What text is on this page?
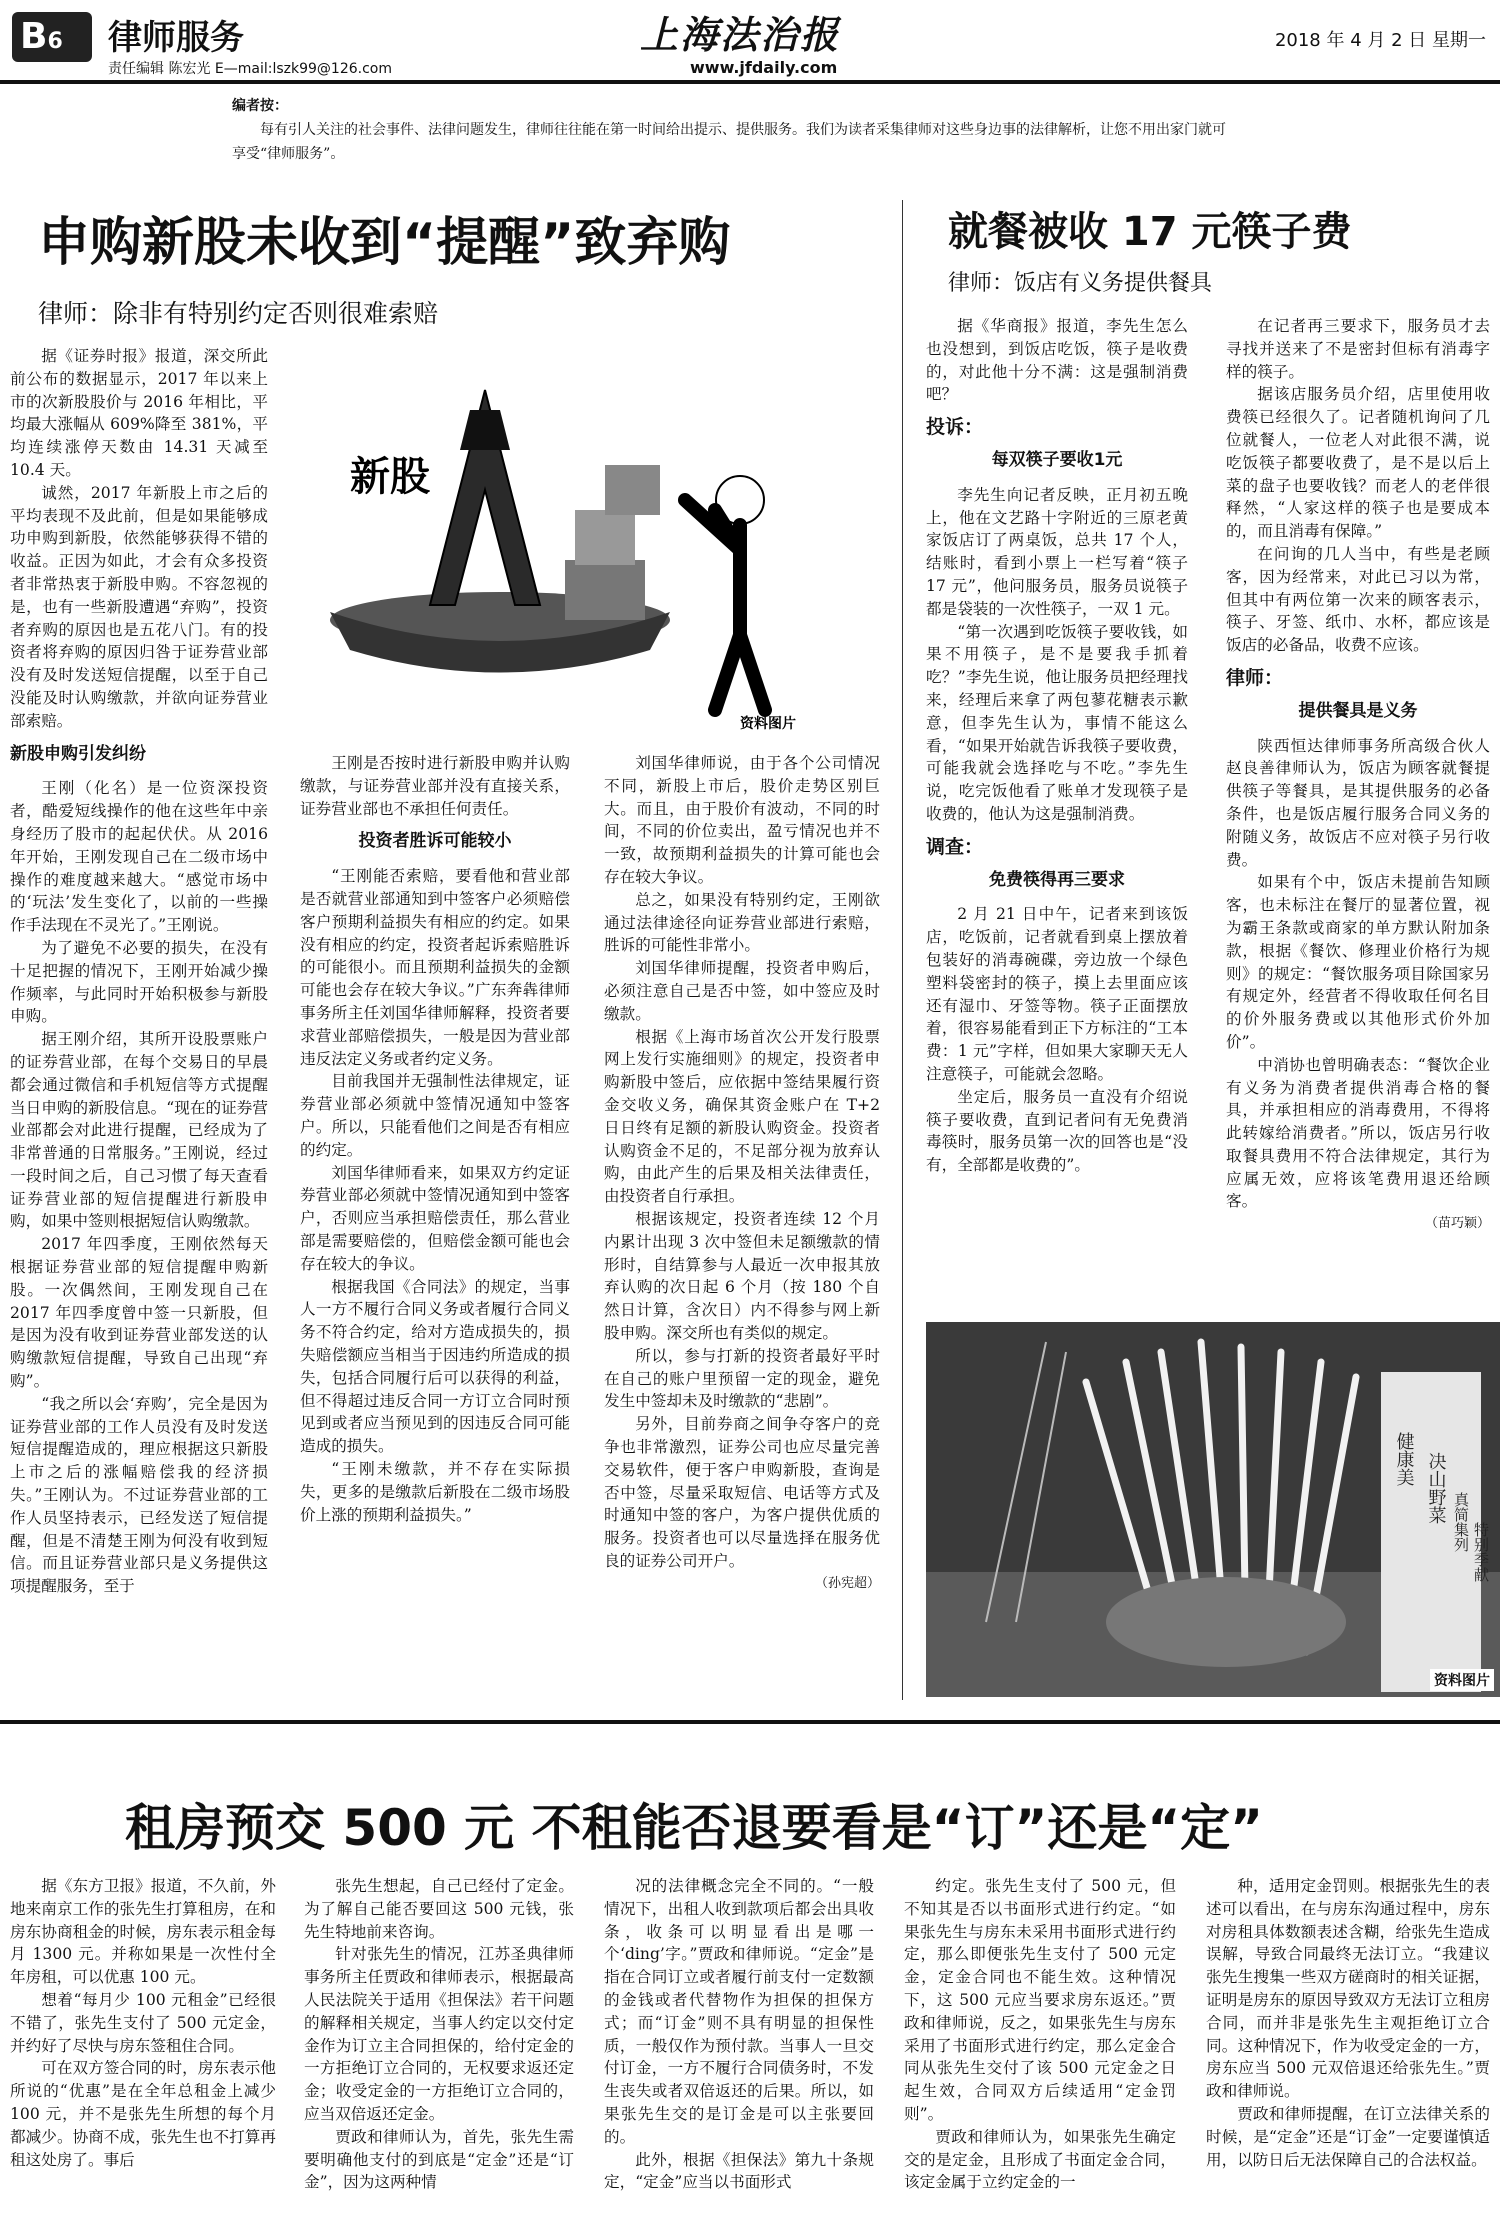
B6	律师服务
责任编辑 陈宏光 E—mail:lszk99@126.com
上海法治报
www.jfdaily.com
2018 年 4 月 2 日 星期一
编者按：

每有引人关注的社会事件、法律问题发生，律师往往能在第一时间给出提示、提供服务。我们为读者采集律师对这些身边事的法律解析，让您不用出家门就可享受“律师服务”。

申购新股未收到“提醒”致弃购
律师：除非有特别约定否则很难索赔

据《证券时报》报道，深交所此前公布的数据显示，2017 年以来上市的次新股股价与 2016 年相比，平均最大涨幅从 609%降至 381%，平均连续涨停天数由 14.31 天减至 10.4 天。

诚然，2017 年新股上市之后的平均表现不及此前，但是如果能够成功申购到新股，依然能够获得不错的收益。正因为如此，才会有众多投资者非常热衷于新股申购。不容忽视的是，也有一些新股遭遇“弃购”，投资者弃购的原因也是五花八门。有的投资者将弃购的原因归咎于证券营业部没有及时发送短信提醒，以至于自己没能及时认购缴款，并欲向证券营业部索赔。

新股申购引发纠纷

王刚（化名）是一位资深投资者，酷爱短线操作的他在这些年中亲身经历了股市的起起伏伏。从 2016 年开始，王刚发现自己在二级市场中操作的难度越来越大。“感觉市场中的‘玩法’发生变化了，以前的一些操作手法现在不灵光了。”王刚说。

为了避免不必要的损失，在没有十足把握的情况下，王刚开始减少操作频率，与此同时开始积极参与新股申购。

据王刚介绍，其所开设股票账户的证券营业部，在每个交易日的早晨都会通过微信和手机短信等方式提醒当日申购的新股信息。“现在的证券营业部都会对此进行提醒，已经成为了非常普通的日常服务。”王刚说，经过一段时间之后，自己习惯了每天查看证券营业部的短信提醒进行新股申购，如果中签则根据短信认购缴款。

2017 年四季度，王刚依然每天根据证券营业部的短信提醒申购新股。一次偶然间，王刚发现自己在 2017 年四季度曾中签一只新股，但是因为没有收到证券营业部发送的认购缴款短信提醒，导致自己出现“弃购”。

“我之所以会‘弃购’，完全是因为证券营业部的工作人员没有及时发送短信提醒造成的，理应根据这只新股上市之后的涨幅赔偿我的经济损失。”王刚认为。不过证券营业部的工作人员坚持表示，已经发送了短信提醒，但是不清楚王刚为何没有收到短信。而且证券营业部只是义务提供这项提醒服务，至于

新股
资料图片

王刚是否按时进行新股申购并认购缴款，与证券营业部并没有直接关系，证券营业部也不承担任何责任。

投资者胜诉可能较小

“王刚能否索赔，要看他和营业部是否就营业部通知到中签客户必须赔偿客户预期利益损失有相应的约定。如果没有相应的约定，投资者起诉索赔胜诉的可能很小。而且预期利益损失的金额可能也会存在较大争议。”广东奔犇律师事务所主任刘国华律师解释，投资者要求营业部赔偿损失，一般是因为营业部违反法定义务或者约定义务。

目前我国并无强制性法律规定，证券营业部必须就中签情况通知中签客户。所以，只能看他们之间是否有相应的约定。

刘国华律师看来，如果双方约定证券营业部必须就中签情况通知到中签客户，否则应当承担赔偿责任，那么营业部是需要赔偿的，但赔偿金额可能也会存在较大的争议。

根据我国《合同法》的规定，当事人一方不履行合同义务或者履行合同义务不符合约定，给对方造成损失的，损失赔偿额应当相当于因违约所造成的损失，包括合同履行后可以获得的利益，但不得超过违反合同一方订立合同时预见到或者应当预见到的因违反合同可能造成的损失。

“王刚未缴款，并不存在实际损失，更多的是缴款后新股在二级市场股价上涨的预期利益损失。”

刘国华律师说，由于各个公司情况不同，新股上市后，股价走势区别巨大。而且，由于股价有波动，不同的时间，不同的价位卖出，盈亏情况也并不一致，故预期利益损失的计算可能也会存在较大争议。

总之，如果没有特别约定，王刚欲通过法律途径向证券营业部进行索赔，胜诉的可能性非常小。

刘国华律师提醒，投资者申购后，必须注意自己是否中签，如中签应及时缴款。

根据《上海市场首次公开发行股票网上发行实施细则》的规定，投资者申购新股中签后，应依据中签结果履行资金交收义务，确保其资金账户在 T+2 日日终有足额的新股认购资金。投资者认购资金不足的，不足部分视为放弃认购，由此产生的后果及相关法律责任，由投资者自行承担。

根据该规定，投资者连续 12 个月内累计出现 3 次中签但未足额缴款的情形时，自结算参与人最近一次申报其放弃认购的次日起 6 个月（按 180 个自然日计算，含次日）内不得参与网上新股申购。深交所也有类似的规定。

所以，参与打新的投资者最好平时在自己的账户里预留一定的现金，避免发生中签却未及时缴款的“悲剧”。

另外，目前券商之间争夺客户的竞争也非常激烈，证券公司也应尽量完善交易软件，便于客户申购新股，查询是否中签，尽量采取短信、电话等方式及时通知中签的客户，为客户提供优质的服务。投资者也可以尽量选择在服务优良的证券公司开户。

（孙宪超）
就餐被收 17 元筷子费
律师：饭店有义务提供餐具

据《华商报》报道，李先生怎么也没想到，到饭店吃饭，筷子是收费的，对此他十分不满：这是强制消费吧？

投诉：
每双筷子要收1元

李先生向记者反映，正月初五晚上，他在文艺路十字附近的三原老黄家饭店订了两桌饭，总共 17 个人，结账时，看到小票上一栏写着“筷子 17 元”，他问服务员，服务员说筷子都是袋装的一次性筷子，一双 1 元。

“第一次遇到吃饭筷子要收钱，如果不用筷子，是不是要我手抓着吃？”李先生说，他让服务员把经理找来，经理后来拿了两包蓼花糖表示歉意，但李先生认为，事情不能这么看，“如果开始就告诉我筷子要收费，可能我就会选择吃与不吃。”李先生说，吃完饭他看了账单才发现筷子是收费的，他认为这是强制消费。

调查：
免费筷得再三要求

2 月 21 日中午，记者来到该饭店，吃饭前，记者就看到桌上摆放着包装好的消毒碗碟，旁边放一个绿色塑料袋密封的筷子，摸上去里面应该还有湿巾、牙签等物。筷子正面摆放着，很容易能看到正下方标注的“工本费：1 元”字样，但如果大家聊天无人注意筷子，可能就会忽略。

坐定后，服务员一直没有介绍说筷子要收费，直到记者问有无免费消毒筷时，服务员第一次的回答也是“没有，全部都是收费的”。

在记者再三要求下，服务员才去寻找并送来了不是密封但标有消毒字样的筷子。

据该店服务员介绍，店里使用收费筷已经很久了。记者随机询问了几位就餐人，一位老人对此很不满，说吃饭筷子都要收费了，是不是以后上菜的盘子也要收钱？而老人的老伴很释然，“人家这样的筷子也是要成本的，而且消毒有保障。”

在问询的几人当中，有些是老顾客，因为经常来，对此已习以为常，但其中有两位第一次来的顾客表示，筷子、牙签、纸巾、水杯，都应该是饭店的必备品，收费不应该。

律师：
提供餐具是义务

陕西恒达律师事务所高级合伙人赵良善律师认为，饭店为顾客就餐提供筷子等餐具，是其提供服务的必备条件，也是饭店履行服务合同义务的附随义务，故饭店不应对筷子另行收费。

如果有个中，饭店未提前告知顾客，也未标注在餐厅的显著位置，视为霸王条款或商家的单方默认附加条款，根据《餐饮、修理业价格行为规则》的规定：“餐饮服务项目除国家另有规定外，经营者不得收取任何名目的价外服务费或以其他形式价外加价”。

中消协也曾明确表态：“餐饮企业有义务为消费者提供消毒合格的餐具，并承担相应的消毒费用，不得将此转嫁给消费者。”所以，饭店另行收取餐具费用不符合法律规定，其行为应属无效，应将该笔费用退还给顾客。

（苗巧颖）
健康美 决山野菜 真简集列 特别季献
资料图片
租房预交 500 元 不租能否退要看是“订”还是“定”

据《东方卫报》报道，不久前，外地来南京工作的张先生打算租房，在和房东协商租金的时候，房东表示租金每月 1300 元。并称如果是一次性付全年房租，可以优惠 100 元。

想着“每月少 100 元租金”已经很不错了，张先生支付了 500 元定金，并约好了尽快与房东签租住合同。

可在双方签合同的时，房东表示他所说的“优惠”是在全年总租金上减少 100 元，并不是张先生所想的每个月都减少。协商不成，张先生也不打算再租这处房了。事后

张先生想起，自己已经付了定金。为了解自己能否要回这 500 元钱，张先生特地前来咨询。

针对张先生的情况，江苏圣典律师事务所主任贾政和律师表示，根据最高人民法院关于适用《担保法》若干问题的解释相关规定，当事人约定以交付定金作为订立主合同担保的，给付定金的一方拒绝订立合同的，无权要求返还定金；收受定金的一方拒绝订立合同的，应当双倍返还定金。

贾政和律师认为，首先，张先生需要明确他支付的到底是“定金”还是“订金”，因为这两种情

况的法律概念完全不同的。“一般情况下，出租人收到款项后都会出具收条，收条可以明显看出是哪一个‘ding’字。”贾政和律师说。“定金”是指在合同订立或者履行前支付一定数额的金钱或者代替物作为担保的担保方式；而“订金”则不具有明显的担保性质，一般仅作为预付款。当事人一旦交付订金，一方不履行合同债务时，不发生丧失或者双倍返还的后果。所以，如果张先生交的是订金是可以主张要回的。

此外，根据《担保法》第九十条规定，“定金”应当以书面形式

约定。张先生支付了 500 元，但不知其是否以书面形式进行约定。“如果张先生与房东未采用书面形式进行约定，那么即便张先生支付了 500 元定金，定金合同也不能生效。这种情况下，这 500 元应当要求房东返还。”贾政和律师说，反之，如果张先生与房东采用了书面形式进行约定，那么定金合同从张先生交付了该 500 元定金之日起生效，合同双方后续适用“定金罚则”。

贾政和律师认为，如果张先生确定交的是定金，且形成了书面定金合同，该定金属于立约定金的一

种，适用定金罚则。根据张先生的表述可以看出，在与房东沟通过程中，房东对房租具体数额表述含糊，给张先生造成误解，导致合同最终无法订立。“我建议张先生搜集一些双方磋商时的相关证据，证明是房东的原因导致双方无法订立租房合同，而并非是张先生主观拒绝订立合同。这种情况下，作为收受定金的一方，房东应当 500 元双倍退还给张先生。”贾政和律师说。

贾政和律师提醒，在订立法律关系的时候，是“定金”还是“订金”一定要谨慎适用，以防日后无法保障自己的合法权益。
